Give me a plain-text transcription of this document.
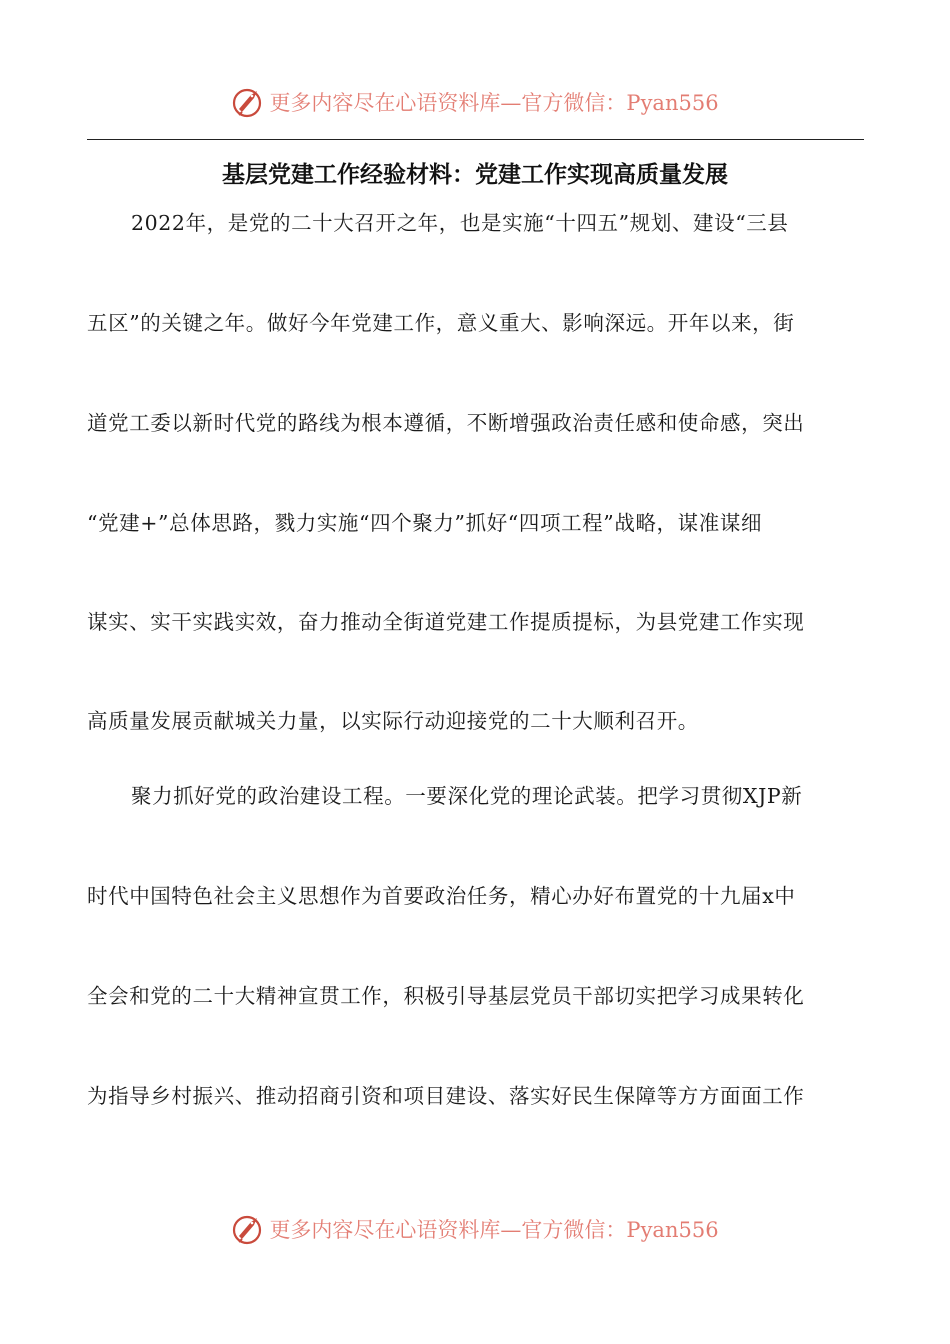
更多内容尽在心语资料库—官方微信：Pyan556
基层党建工作经验材料：党建工作实现高质量发展
2022年，是党的二十大召开之年，也是实施“十四五”规划、建设“三县
五区”的关键之年。做好今年党建工作，意义重大、影响深远。开年以来，街
道党工委以新时代党的路线为根本遵循，不断增强政治责任感和使命感，突出
“党建+”总体思路，戮力实施“四个聚力”抓好“四项工程”战略，谋准谋细
谋实、实干实践实效，奋力推动全街道党建工作提质提标，为县党建工作实现
高质量发展贡献城关力量，以实际行动迎接党的二十大顺利召开。
聚力抓好党的政治建设工程。一要深化党的理论武装。把学习贯彻XJP新
时代中国特色社会主义思想作为首要政治任务，精心办好布置党的十九届x中
全会和党的二十大精神宣贯工作，积极引导基层党员干部切实把学习成果转化
为指导乡村振兴、推动招商引资和项目建设、落实好民生保障等方方面面工作
更多内容尽在心语资料库—官方微信：Pyan556
